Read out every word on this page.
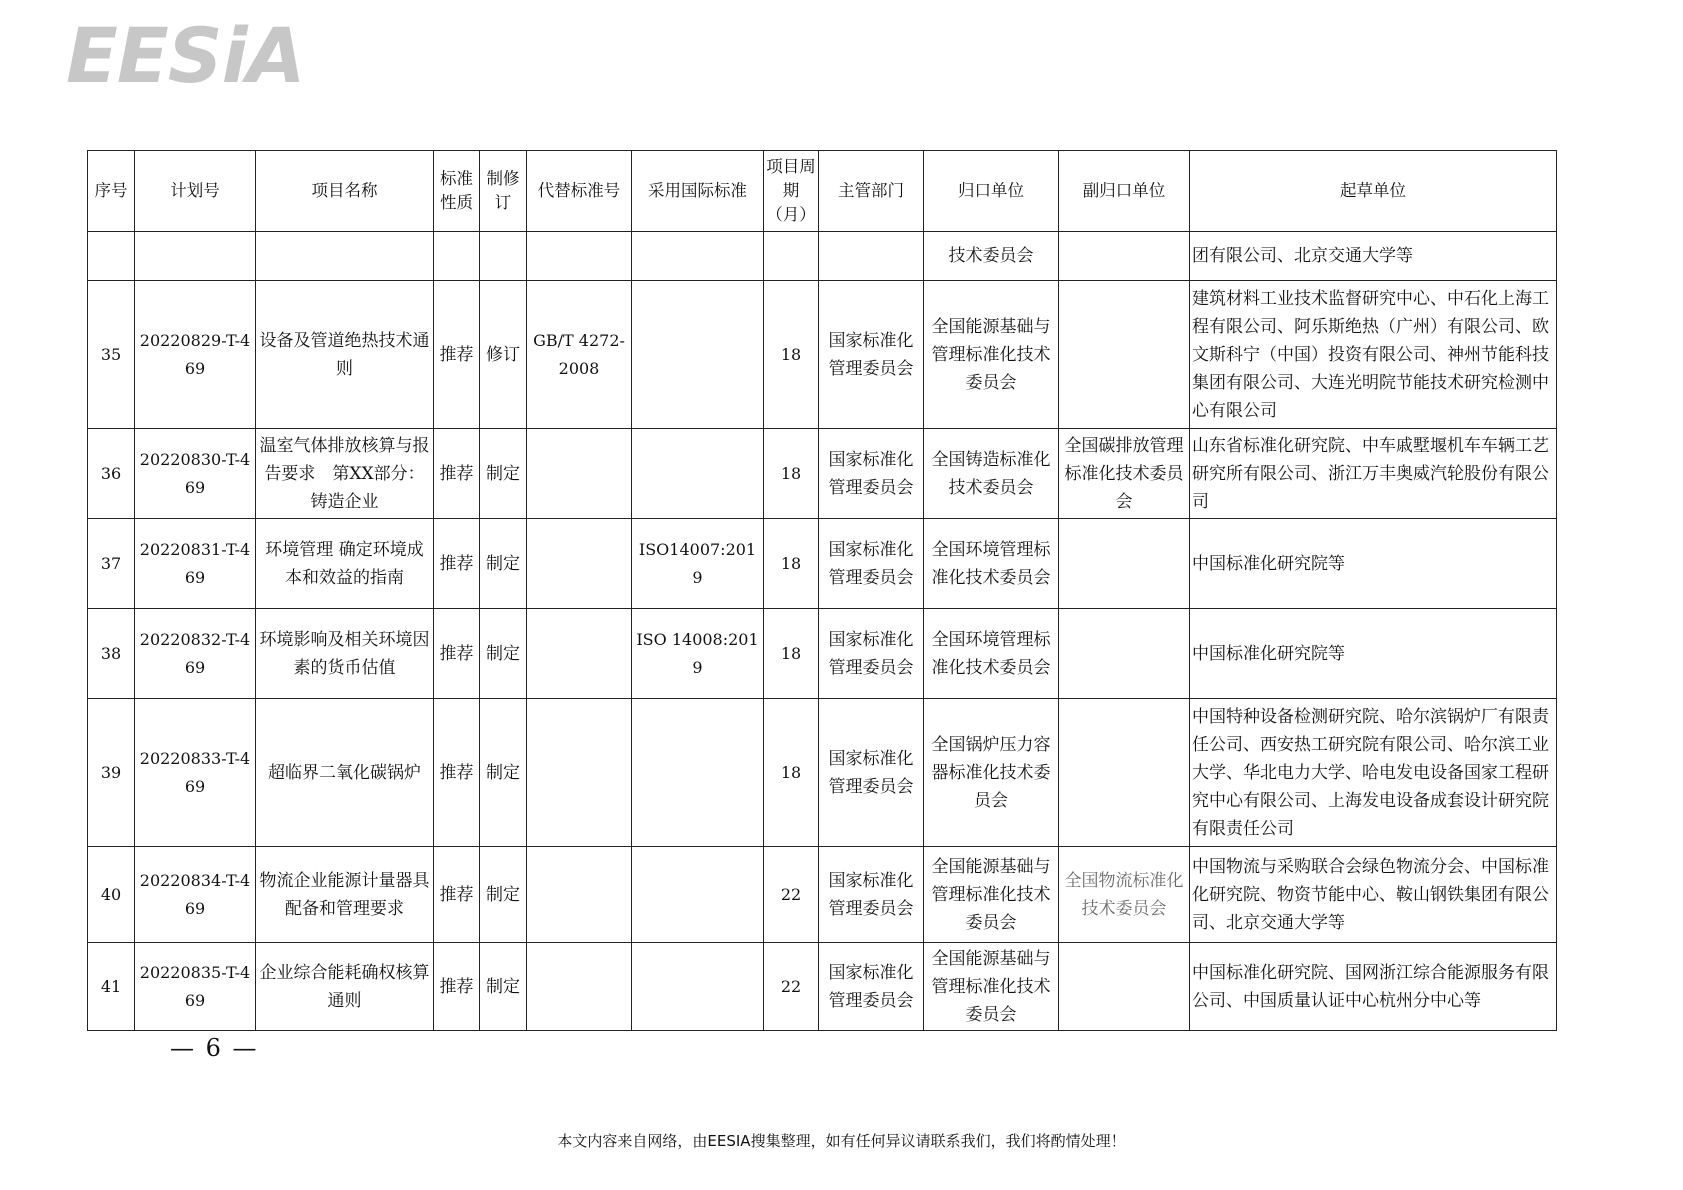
EESiA
序号	计划号	项目名称	标准性质	制修订	代替标准号	采用国际标准	项目周期（月）	主管部门	归口单位	副归口单位	起草单位
									技术委员会		团有限公司、北京交通大学等
35	20220829-T-469	设备及管道绝热技术通则	推荐	修订	GB/T 4272-2008		18	国家标准化管理委员会	全国能源基础与管理标准化技术委员会		建筑材料工业技术监督研究中心、中石化上海工程有限公司、阿乐斯绝热（广州）有限公司、欧文斯科宁（中国）投资有限公司、神州节能科技集团有限公司、大连光明院节能技术研究检测中心有限公司
36	20220830-T-469	温室气体排放核算与报告要求　第XX部分：铸造企业	推荐	制定			18	国家标准化管理委员会	全国铸造标准化技术委员会	全国碳排放管理标准化技术委员会	山东省标准化研究院、中车戚墅堰机车车辆工艺研究所有限公司、浙江万丰奥威汽轮股份有限公司
37	20220831-T-469	环境管理 确定环境成本和效益的指南	推荐	制定		ISO14007:2019	18	国家标准化管理委员会	全国环境管理标准化技术委员会		中国标准化研究院等
38	20220832-T-469	环境影响及相关环境因素的货币估值	推荐	制定		ISO 14008:2019	18	国家标准化管理委员会	全国环境管理标准化技术委员会		中国标准化研究院等
39	20220833-T-469	超临界二氧化碳锅炉	推荐	制定			18	国家标准化管理委员会	全国锅炉压力容器标准化技术委员会		中国特种设备检测研究院、哈尔滨锅炉厂有限责任公司、西安热工研究院有限公司、哈尔滨工业大学、华北电力大学、哈电发电设备国家工程研究中心有限公司、上海发电设备成套设计研究院有限责任公司
40	20220834-T-469	物流企业能源计量器具配备和管理要求	推荐	制定			22	国家标准化管理委员会	全国能源基础与管理标准化技术委员会	全国物流标准化技术委员会	中国物流与采购联合会绿色物流分会、中国标准化研究院、物资节能中心、鞍山钢铁集团有限公司、北京交通大学等
41	20220835-T-469	企业综合能耗确权核算通则	推荐	制定			22	国家标准化管理委员会	全国能源基础与管理标准化技术委员会		中国标准化研究院、国网浙江综合能源服务有限公司、中国质量认证中心杭州分中心等
— 6 —
本文内容来自网络，由EESIA搜集整理，如有任何异议请联系我们，我们将酌情处理！
